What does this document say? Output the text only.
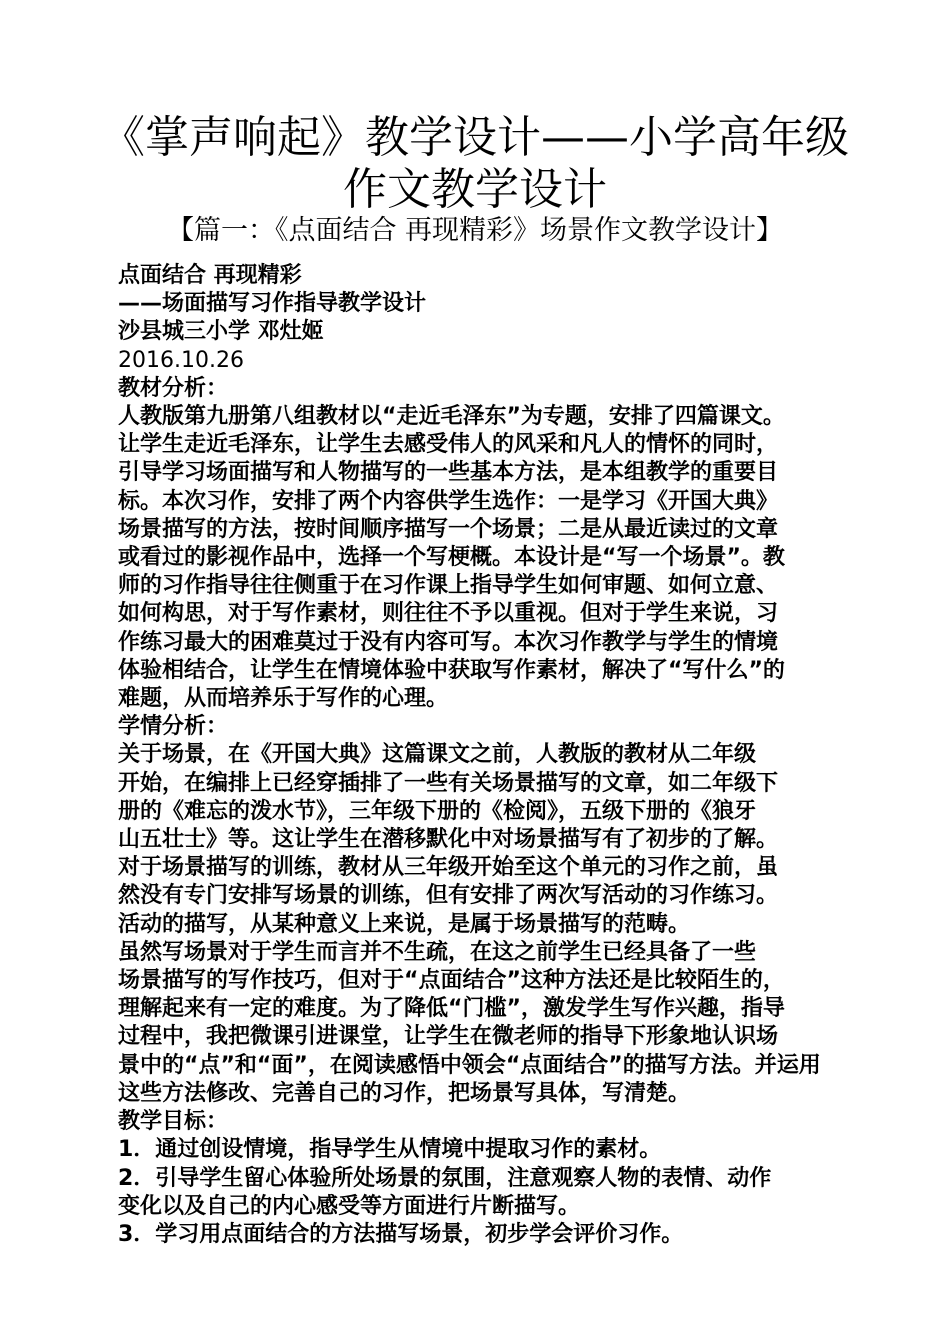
《掌声响起》教学设计——小学高年级
作文教学设计
【篇一：《点面结合 再现精彩》场景作文教学设计】

点面结合 再现精彩

——场面描写习作指导教学设计

沙县城三小学 邓灶姬

2016.10.26

教材分析：

人教版第九册第八组教材以“走近毛泽东”为专题，安排了四篇课文。

让学生走近毛泽东，让学生去感受伟人的风采和凡人的情怀的同时，

引导学习场面描写和人物描写的一些基本方法，是本组教学的重要目

标。本次习作，安排了两个内容供学生选作：一是学习《开国大典》

场景描写的方法，按时间顺序描写一个场景；二是从最近读过的文章

或看过的影视作品中，选择一个写梗概。本设计是“写一个场景”。教

师的习作指导往往侧重于在习作课上指导学生如何审题、如何立意、

如何构思，对于写作素材，则往往不予以重视。但对于学生来说，习

作练习最大的困难莫过于没有内容可写。本次习作教学与学生的情境

体验相结合，让学生在情境体验中获取写作素材，解决了“写什么”的

难题，从而培养乐于写作的心理。

学情分析：

关于场景，在《开国大典》这篇课文之前，人教版的教材从二年级

开始，在编排上已经穿插排了一些有关场景描写的文章，如二年级下

册的《难忘的泼水节》，三年级下册的《检阅》，五级下册的《狼牙

山五壮士》等。这让学生在潜移默化中对场景描写有了初步的了解。

对于场景描写的训练，教材从三年级开始至这个单元的习作之前，虽

然没有专门安排写场景的训练，但有安排了两次写活动的习作练习。

活动的描写，从某种意义上来说，是属于场景描写的范畴。

虽然写场景对于学生而言并不生疏，在这之前学生已经具备了一些

场景描写的写作技巧，但对于“点面结合”这种方法还是比较陌生的，

理解起来有一定的难度。为了降低“门槛”，激发学生写作兴趣，指导

过程中，我把微课引进课堂，让学生在微老师的指导下形象地认识场

景中的“点”和“面”，在阅读感悟中领会“点面结合”的描写方法。并运用

这些方法修改、完善自己的习作，把场景写具体，写清楚。

教学目标：

1．通过创设情境，指导学生从情境中提取习作的素材。

2．引导学生留心体验所处场景的氛围，注意观察人物的表情、动作

变化以及自己的内心感受等方面进行片断描写。

3．学习用点面结合的方法描写场景，初步学会评价习作。
